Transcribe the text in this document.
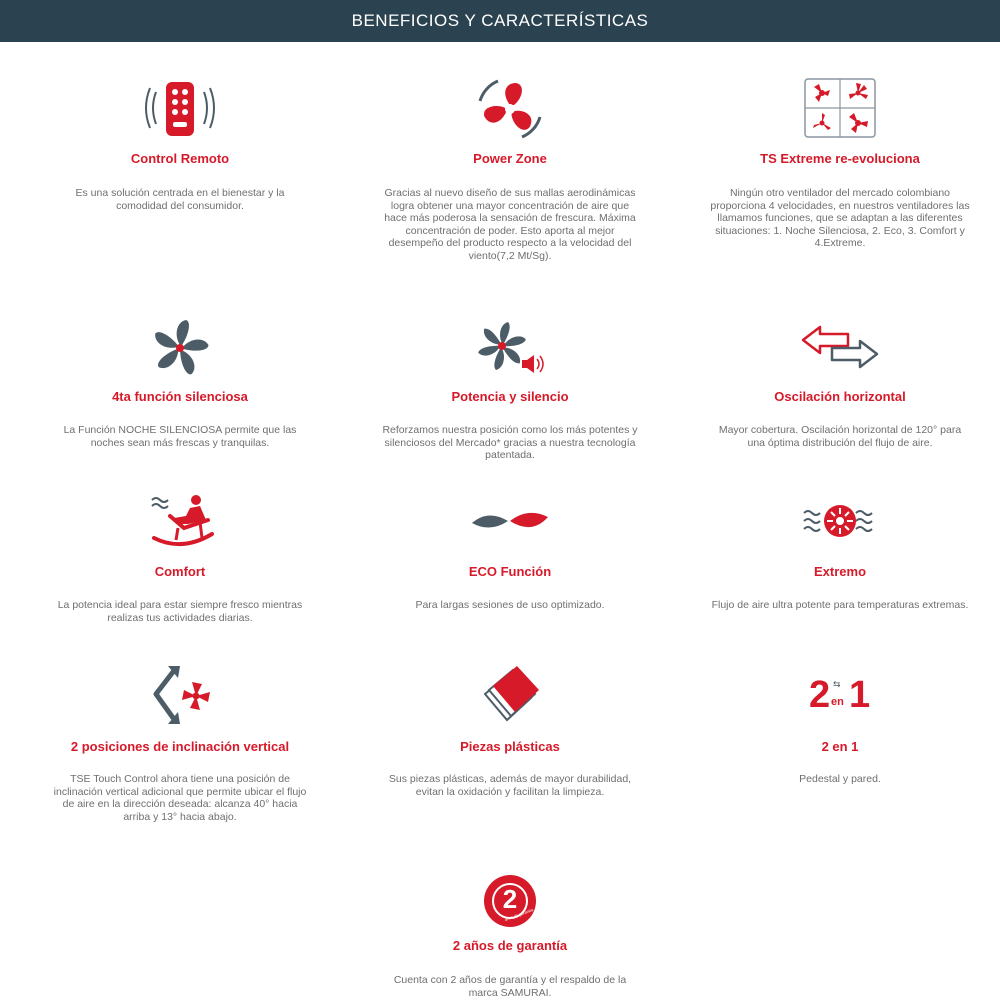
BENEFICIOS Y CARACTERÍSTICAS
Control Remoto
Es una solución centrada en el bienestar y la comodidad del consumidor.
Power Zone
Gracias al nuevo diseño de sus mallas aerodinámicas logra obtener una mayor concentración de aire que hace más poderosa la sensación de frescura. Máxima concentración de poder. Esto aporta al mejor desempeño del producto respecto a la velocidad del viento(7,2 Mt/Sg).
TS Extreme re-evoluciona
Ningún otro ventilador del mercado colombiano proporciona 4 velocidades, en nuestros ventiladores las llamamos funciones, que se adaptan a las diferentes situaciones: 1. Noche Silenciosa, 2. Eco, 3. Comfort y 4.Extreme.
4ta función silenciosa
La Función NOCHE SILENCIOSA permite que las noches sean más frescas y tranquilas.
Potencia y silencio
Reforzamos nuestra posición como los más potentes y silenciosos del Mercado* gracias a nuestra tecnología patentada.
Oscilación horizontal
Mayor cobertura. Oscilación horizontal de 120° para una óptima distribución del flujo de aire.
Comfort
La potencia ideal para estar siempre fresco mientras realizas tus actividades diarias.
ECO Función
Para largas sesiones de uso optimizado.
Extremo
Flujo de aire ultra potente para temperaturas extremas.
2 posiciones de inclinación vertical
TSE Touch Control ahora tiene una posición de inclinación vertical adicional que permite ubicar el flujo de aire en la dirección deseada: alcanza 40° hacia arriba y 13° hacia abajo.
Piezas plásticas
Sus piezas plásticas, además de mayor durabilidad, evitan la oxidación y facilitan la limpieza.
2 ⇆
en 1
2 en 1
Pedestal y pared.
2
años de garantía
2 años de garantía
Cuenta con 2 años de garantía y el respaldo de la marca SAMURAI.
